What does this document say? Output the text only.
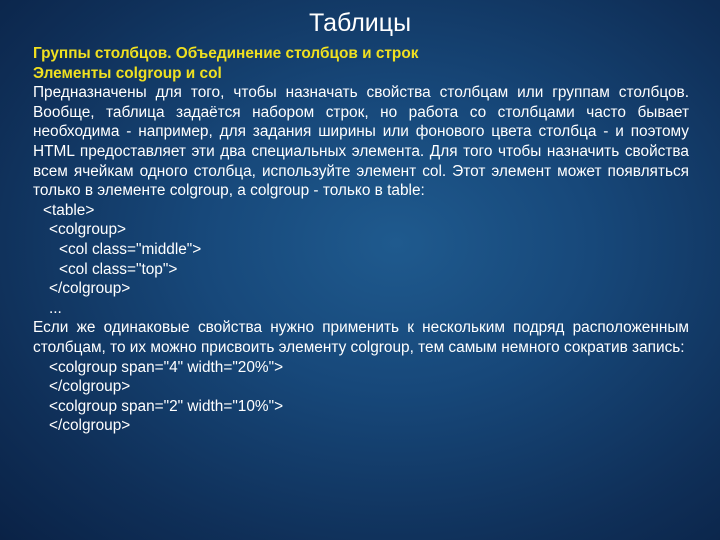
Таблицы
Группы столбцов. Объединение столбцов и строк
Элементы colgroup и col
Предназначены для того, чтобы назначать свойства столбцам или группам столбцов. Вообще, таблица задаётся набором строк, но работа со столбцами часто бывает необходима - например, для задания ширины или фонового цвета столбца - и поэтому HTML предоставляет эти два специальных элемента. Для того чтобы назначить свойства всем ячейкам одного столбца, используйте элемент col. Этот элемент может появляться только в элементе colgroup, а colgroup - только в table:
<table>
<colgroup>
<col class="middle">
<col class="top">
</colgroup>
...
Если же одинаковые свойства нужно применить к нескольким подряд расположенным столбцам, то их можно присвоить элементу colgroup, тем самым немного сократив запись:
<colgroup span="4" width="20%">
</colgroup>
<colgroup span="2" width="10%">
</colgroup>
